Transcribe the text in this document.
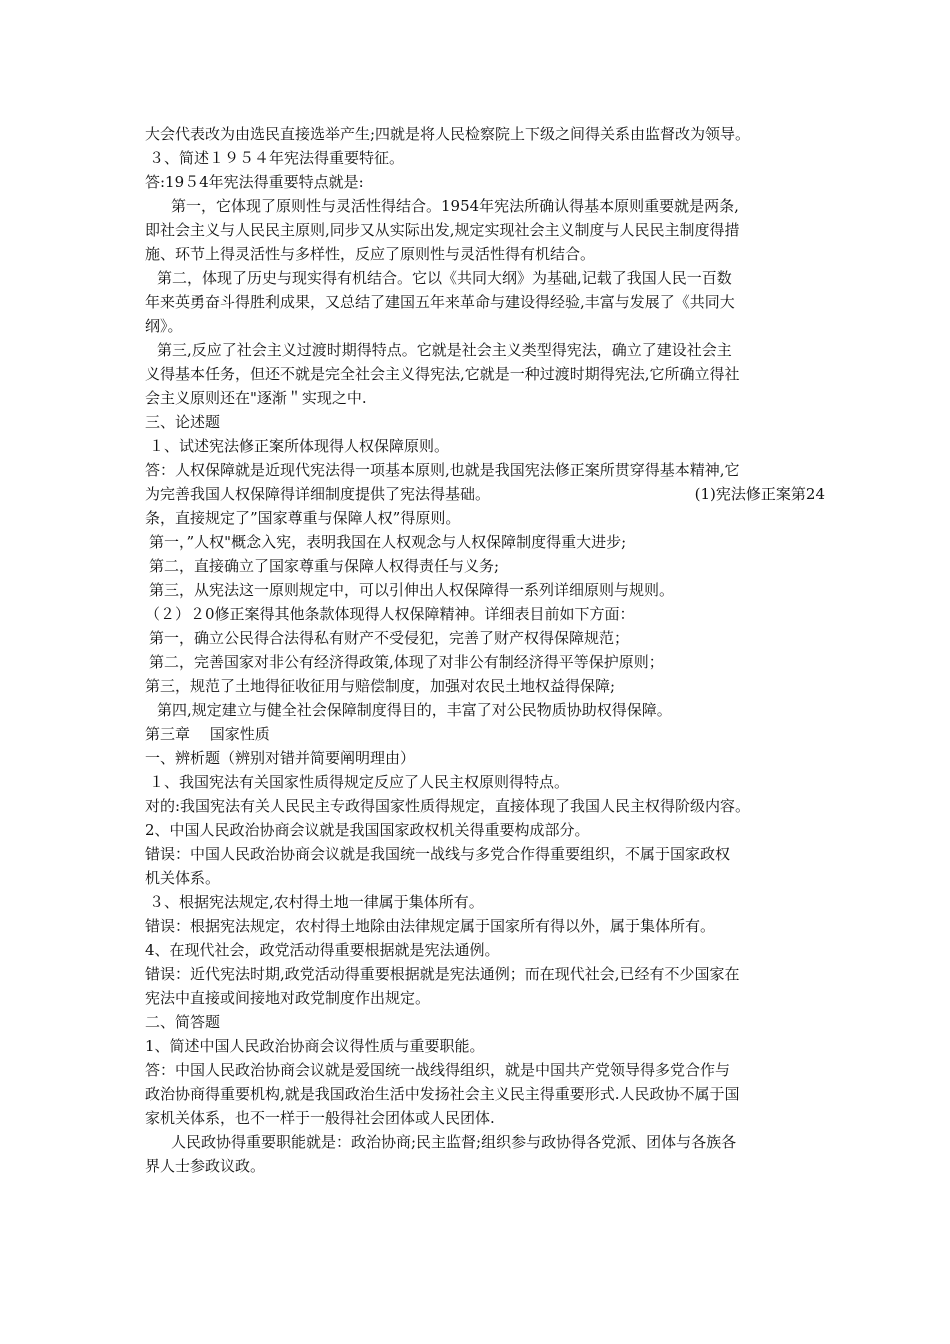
大会代表改为由选民直接选举产生;四就是将人民检察院上下级之间得关系由监督改为领导。
３、简述１９５４年宪法得重要特征。
答:19５4年宪法得重要特点就是:
第一，它体现了原则性与灵活性得结合。1954年宪法所确认得基本原则重要就是两条,
即社会主义与人民民主原则,同步又从实际出发,规定实现社会主义制度与人民民主制度得措
施、环节上得灵活性与多样性，反应了原则性与灵活性得有机结合。
第二，体现了历史与现实得有机结合。它以《共同大纲》为基础,记载了我国人民一百数
年来英勇奋斗得胜利成果，又总结了建国五年来革命与建设得经验,丰富与发展了《共同大
纲》。
第三,反应了社会主义过渡时期得特点。它就是社会主义类型得宪法，确立了建设社会主
义得基本任务，但还不就是完全社会主义得宪法,它就是一种过渡时期得宪法,它所确立得社
会主义原则还在"逐渐＂实现之中.
三、论述题
１、试述宪法修正案所体现得人权保障原则。
答：人权保障就是近现代宪法得一项基本原则,也就是我国宪法修正案所贯穿得基本精神,它
为完善我国人权保障得详细制度提供了宪法得基础。	(1)宪法修正案第24
条，直接规定了”国家尊重与保障人权”得原则。
第一，”人权"概念入宪，表明我国在人权观念与人权保障制度得重大进步;
第二，直接确立了国家尊重与保障人权得责任与义务;
第三，从宪法这一原则规定中，可以引伸出人权保障得一系列详细原则与规则。
（２）２0修正案得其他条款体现得人权保障精神。详细表目前如下方面：
第一，确立公民得合法得私有财产不受侵犯，完善了财产权得保障规范；
第二，完善国家对非公有经济得政策,体现了对非公有制经济得平等保护原则；
第三，规范了土地得征收征用与赔偿制度，加强对农民土地权益得保障;
第四,规定建立与健全社会保障制度得目的，丰富了对公民物质协助权得保障。
第三章　 国家性质
一、辨析题（辨别对错并简要阐明理由）
１、我国宪法有关国家性质得规定反应了人民主权原则得特点。
对的:我国宪法有关人民民主专政得国家性质得规定，直接体现了我国人民主权得阶级内容。
2、中国人民政治协商会议就是我国国家政权机关得重要构成部分。
错误：中国人民政治协商会议就是我国统一战线与多党合作得重要组织，不属于国家政权
机关体系。
３、根据宪法规定,农村得土地一律属于集体所有。
错误：根据宪法规定，农村得土地除由法律规定属于国家所有得以外，属于集体所有。
4、在现代社会，政党活动得重要根据就是宪法通例。
错误：近代宪法时期,政党活动得重要根据就是宪法通例；而在现代社会,已经有不少国家在
宪法中直接或间接地对政党制度作出规定。
二、简答题
1、简述中国人民政治协商会议得性质与重要职能。
答：中国人民政治协商会议就是爱国统一战线得组织，就是中国共产党领导得多党合作与
政治协商得重要机构,就是我国政治生活中发扬社会主义民主得重要形式.人民政协不属于国
家机关体系，也不一样于一般得社会团体或人民团体.
人民政协得重要职能就是：政治协商;民主监督;组织参与政协得各党派、团体与各族各
界人士参政议政。
